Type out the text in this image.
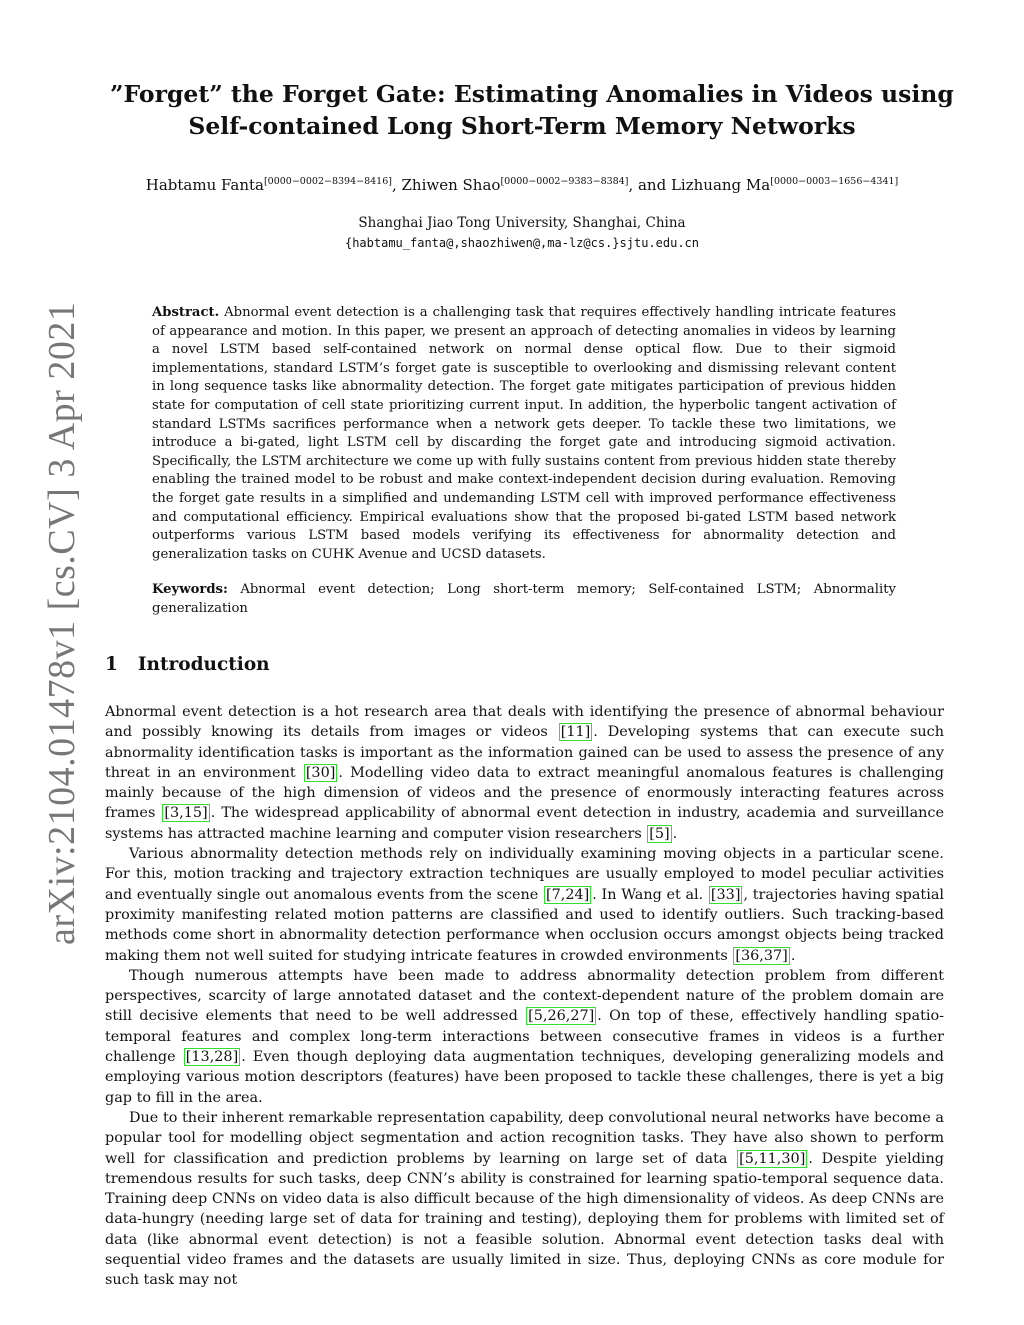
arXiv:2104.01478v1 [cs.CV] 3 Apr 2021
”Forget” the Forget Gate: Estimating Anomalies in Videos using
Self-contained Long Short-Term Memory Networks
Habtamu Fanta[0000−0002−8394−8416], Zhiwen Shao[0000−0002−9383−8384], and Lizhuang Ma[0000−0003−1656−4341]
Shanghai Jiao Tong University, Shanghai, China
{habtamu_fanta@,shaozhiwen@,ma-lz@cs.}sjtu.edu.cn
Abstract. Abnormal event detection is a challenging task that requires effectively handling intricate features of appearance and motion. In this paper, we present an approach of detecting anomalies in videos by learning a novel LSTM based self-contained network on normal dense optical flow. Due to their sigmoid implementations, standard LSTM’s forget gate is susceptible to overlooking and dismissing relevant content in long sequence tasks like abnormality detection. The forget gate mitigates participation of previous hidden state for computation of cell state prioritizing current input. In addition, the hyperbolic tangent activation of standard LSTMs sacrifices performance when a network gets deeper. To tackle these two limitations, we introduce a bi-gated, light LSTM cell by discarding the forget gate and introducing sigmoid activation. Specifically, the LSTM architecture we come up with fully sustains content from previous hidden state thereby enabling the trained model to be robust and make context-independent decision during evaluation. Removing the forget gate results in a simplified and undemanding LSTM cell with improved performance effectiveness and computational efficiency. Empirical evaluations show that the proposed bi-gated LSTM based network outperforms various LSTM based models verifying its effectiveness for abnormality detection and generalization tasks on CUHK Avenue and UCSD datasets.
Keywords: Abnormal event detection; Long short-term memory; Self-contained LSTM; Abnormality generalization
1 Introduction

Abnormal event detection is a hot research area that deals with identifying the presence of abnormal behaviour and possibly knowing its details from images or videos [11] . Developing systems that can execute such abnormality identification tasks is important as the information gained can be used to assess the presence of any threat in an environment [30] . Modelling video data to extract meaningful anomalous features is challenging mainly because of the high dimension of videos and the presence of enormously interacting features across frames [3,15] . The widespread applicability of abnormal event detection in industry, academia and surveillance systems has attracted machine learning and computer vision researchers [5] .

Various abnormality detection methods rely on individually examining moving objects in a particular scene. For this, motion tracking and trajectory extraction techniques are usually employed to model peculiar activities and eventually single out anomalous events from the scene [7,24] . In Wang et al. [33] , trajectories having spatial proximity manifesting related motion patterns are classified and used to identify outliers. Such tracking-based methods come short in abnormality detection performance when occlusion occurs amongst objects being tracked making them not well suited for studying intricate features in crowded environments [36,37] .

Though numerous attempts have been made to address abnormality detection problem from different perspectives, scarcity of large annotated dataset and the context-dependent nature of the problem domain are still decisive elements that need to be well addressed [5,26,27] . On top of these, effectively handling spatio-temporal features and complex long-term interactions between consecutive frames in videos is a further challenge [13,28] . Even though deploying data augmentation techniques, developing generalizing models and employing various motion descriptors (features) have been proposed to tackle these challenges, there is yet a big gap to fill in the area.

Due to their inherent remarkable representation capability, deep convolutional neural networks have become a popular tool for modelling object segmentation and action recognition tasks. They have also shown to perform well for classification and prediction problems by learning on large set of data [5,11,30] . Despite yielding tremendous results for such tasks, deep CNN’s ability is constrained for learning spatio-temporal sequence data. Training deep CNNs on video data is also difficult because of the high dimensionality of videos. As deep CNNs are data-hungry (needing large set of data for training and testing), deploying them for problems with limited set of data (like abnormal event detection) is not a feasible solution. Abnormal event detection tasks deal with sequential video frames and the datasets are usually limited in size. Thus, deploying CNNs as core module for such task may not
